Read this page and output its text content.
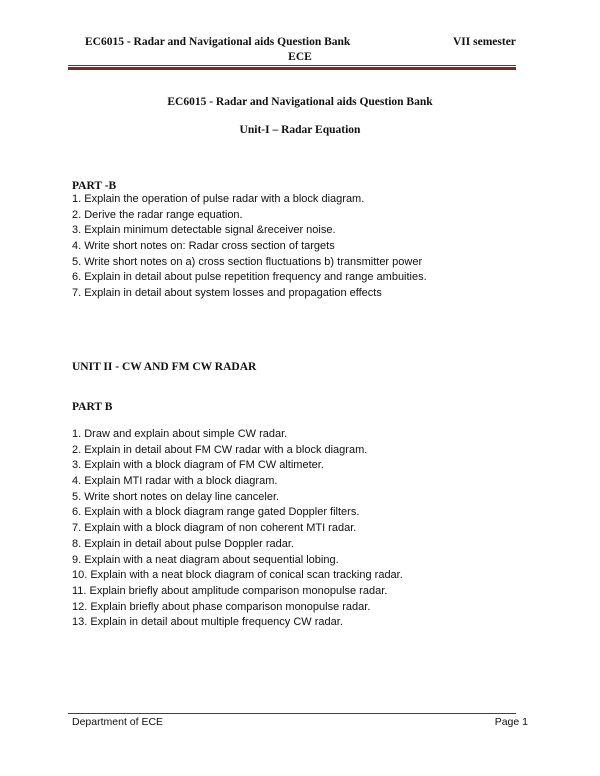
EC6015 - Radar and Navigational aids Question Bank	VII semester
ECE
EC6015 - Radar and Navigational aids Question Bank
Unit-I – Radar Equation
PART -B
1. Explain the operation of pulse radar with a block diagram.
2. Derive the radar range equation.
3. Explain minimum detectable signal &receiver noise.
4. Write short notes on: Radar cross section of targets
5. Write short notes on a) cross section fluctuations b) transmitter power
6. Explain in detail about pulse repetition frequency and range ambuities.
7. Explain in detail about system losses and propagation effects
UNIT II - CW AND FM CW RADAR
PART B
1. Draw and explain about simple CW radar.
2. Explain in detail about FM CW radar with a block diagram.
3. Explain with a block diagram of FM CW altimeter.
4. Explain MTI radar with a block diagram.
5. Write short notes on delay line canceler.
6. Explain with a block diagram range gated Doppler filters.
7. Explain with a block diagram of non coherent MTI radar.
8. Explain in detail about pulse Doppler radar.
9. Explain with a neat diagram about sequential lobing.
10. Explain with a neat block diagram of conical scan tracking radar.
11. Explain briefly about amplitude comparison monopulse radar.
12. Explain briefly about phase comparison monopulse radar.
13. Explain in detail about multiple frequency CW radar.
Department of ECE	Page 1
